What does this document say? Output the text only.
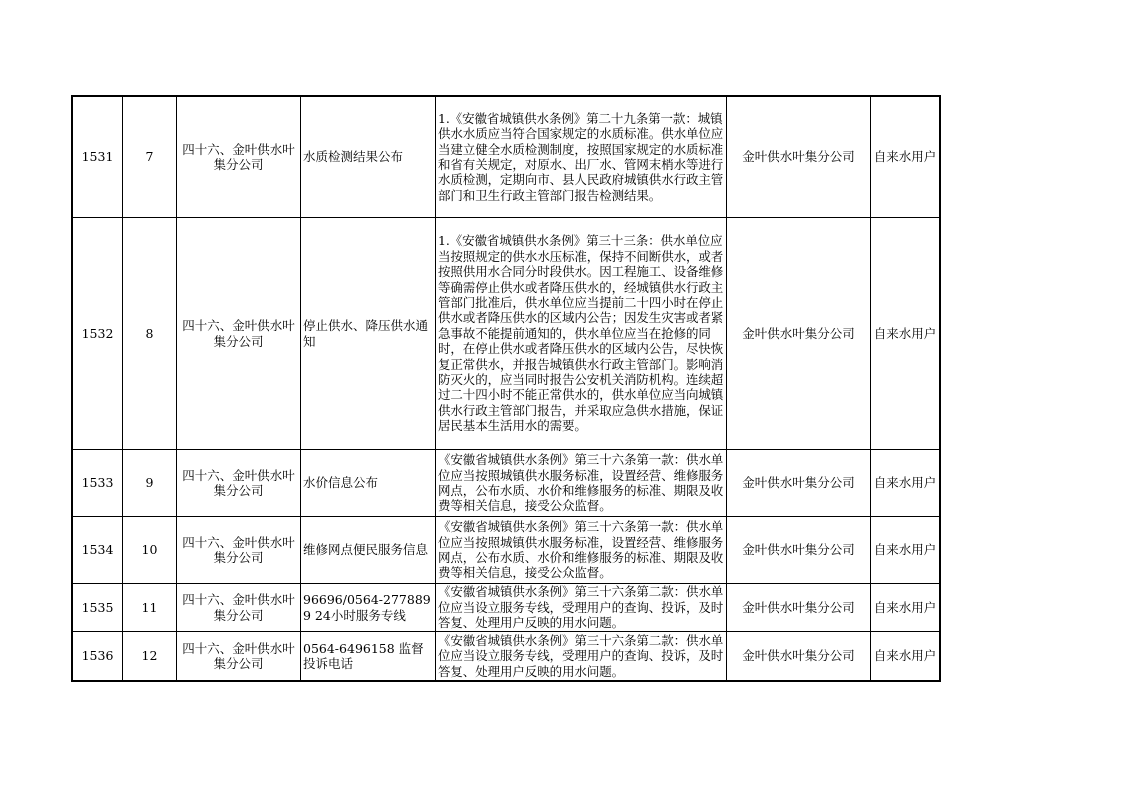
1531	7	四十六、金叶供水叶集分公司	水质检测结果公布	1.《安徽省城镇供水条例》第二十九条第一款：城镇供水水质应当符合国家规定的水质标准。供水单位应当建立健全水质检测制度，按照国家规定的水质标准和省有关规定，对原水、出厂水、管网末梢水等进行水质检测，定期向市、县人民政府城镇供水行政主管部门和卫生行政主管部门报告检测结果。	金叶供水叶集分公司	自来水用户
1532	8	四十六、金叶供水叶集分公司	停止供水、降压供水通知	1.《安徽省城镇供水条例》第三十三条：供水单位应当按照规定的供水水压标准，保持不间断供水，或者按照供用水合同分时段供水。因工程施工、设备维修等确需停止供水或者降压供水的，经城镇供水行政主管部门批准后，供水单位应当提前二十四小时在停止供水或者降压供水的区域内公告；因发生灾害或者紧急事故不能提前通知的，供水单位应当在抢修的同时，在停止供水或者降压供水的区域内公告，尽快恢复正常供水，并报告城镇供水行政主管部门。影响消防灭火的，应当同时报告公安机关消防机构。连续超过二十四小时不能正常供水的，供水单位应当向城镇供水行政主管部门报告，并采取应急供水措施，保证居民基本生活用水的需要。	金叶供水叶集分公司	自来水用户
1533	9	四十六、金叶供水叶集分公司	水价信息公布	《安徽省城镇供水条例》第三十六条第一款：供水单位应当按照城镇供水服务标准，设置经营、维修服务网点，公布水质、水价和维修服务的标准、期限及收费等相关信息，接受公众监督。	金叶供水叶集分公司	自来水用户
1534	10	四十六、金叶供水叶集分公司	维修网点便民服务信息	《安徽省城镇供水条例》第三十六条第一款：供水单位应当按照城镇供水服务标准，设置经营、维修服务网点，公布水质、水价和维修服务的标准、期限及收费等相关信息，接受公众监督。	金叶供水叶集分公司	自来水用户
1535	11	四十六、金叶供水叶集分公司	96696/0564-2778899 24小时服务专线	《安徽省城镇供水条例》第三十六条第二款：供水单位应当设立服务专线，受理用户的查询、投诉，及时答复、处理用户反映的用水问题。	金叶供水叶集分公司	自来水用户
1536	12	四十六、金叶供水叶集分公司	0564-6496158 监督投诉电话	《安徽省城镇供水条例》第三十六条第二款：供水单位应当设立服务专线，受理用户的查询、投诉，及时答复、处理用户反映的用水问题。	金叶供水叶集分公司	自来水用户
